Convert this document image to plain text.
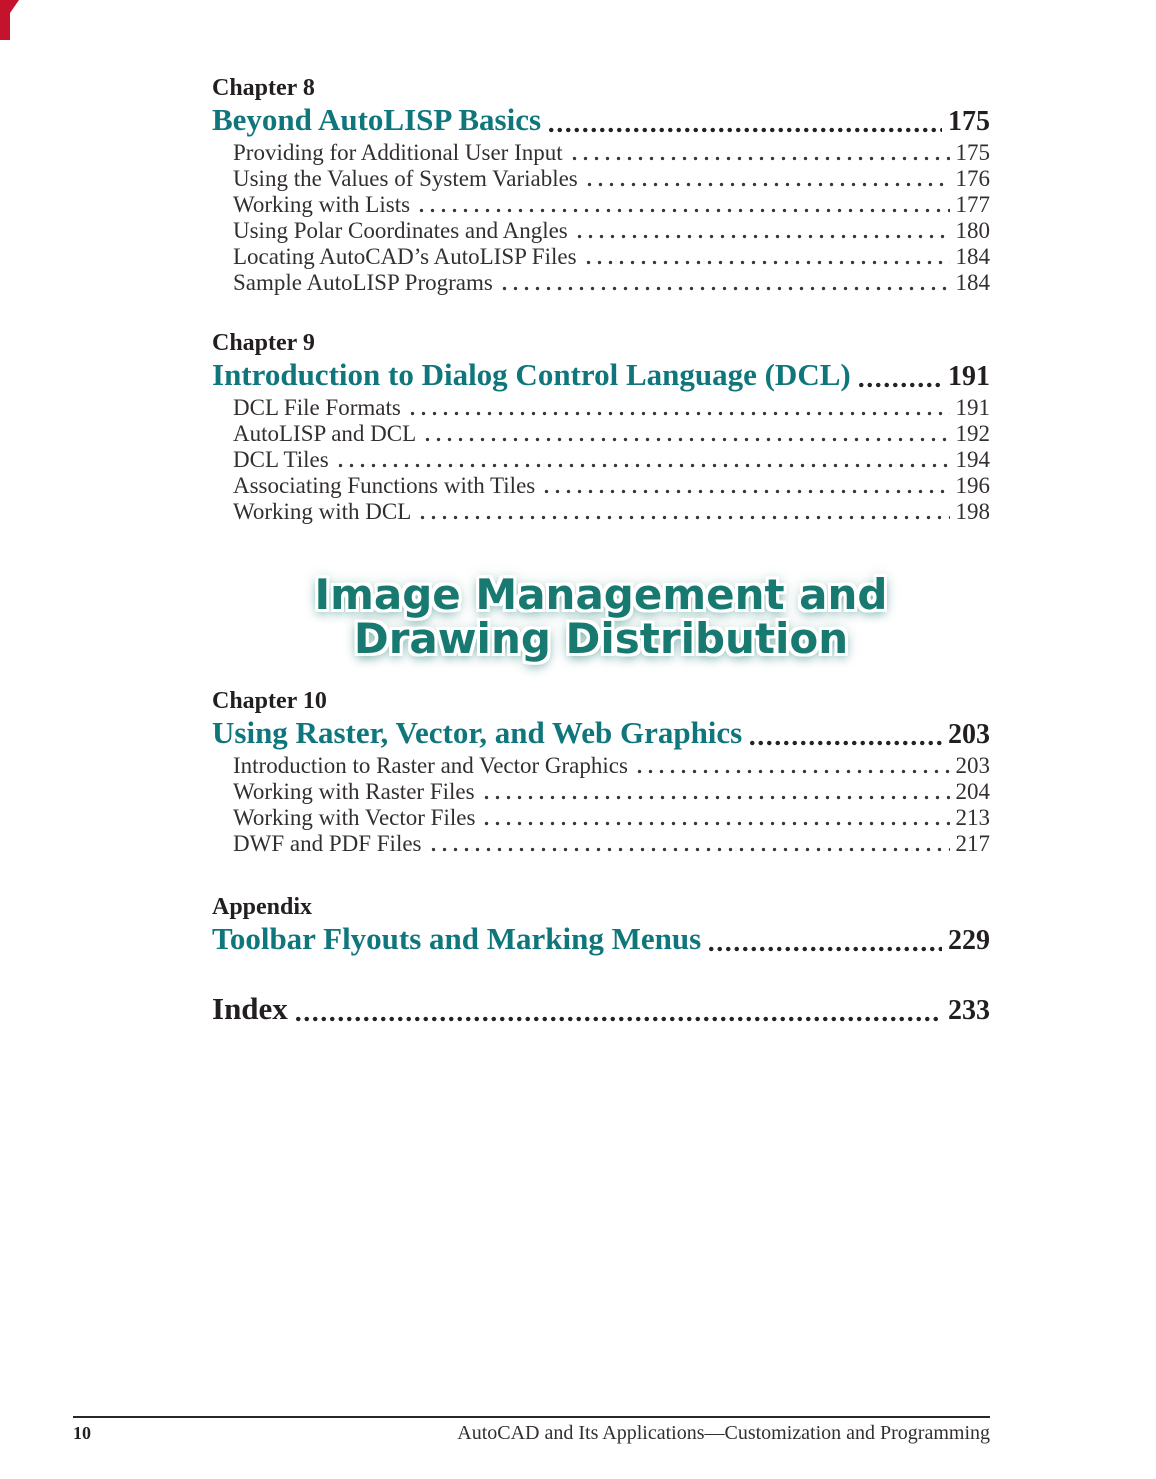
Chapter 8
Beyond AutoLISP Basics	175
Providing for Additional User Input	175
Using the Values of System Variables	176
Working with Lists	177
Using Polar Coordinates and Angles	180
Locating AutoCAD’s AutoLISP Files	184
Sample AutoLISP Programs	184
Chapter 9
Introduction to Dialog Control Language (DCL)	191
DCL File Formats	191
AutoLISP and DCL	192
DCL Tiles	194
Associating Functions with Tiles	196
Working with DCL	198
Image Management and
Drawing Distribution
Chapter 10
Using Raster, Vector, and Web Graphics	203
Introduction to Raster and Vector Graphics	203
Working with Raster Files	204
Working with Vector Files	213
DWF and PDF Files	217
Appendix
Toolbar Flyouts and Marking Menus	229
Index	233
10	AutoCAD and Its Applications—Customization and Programming
